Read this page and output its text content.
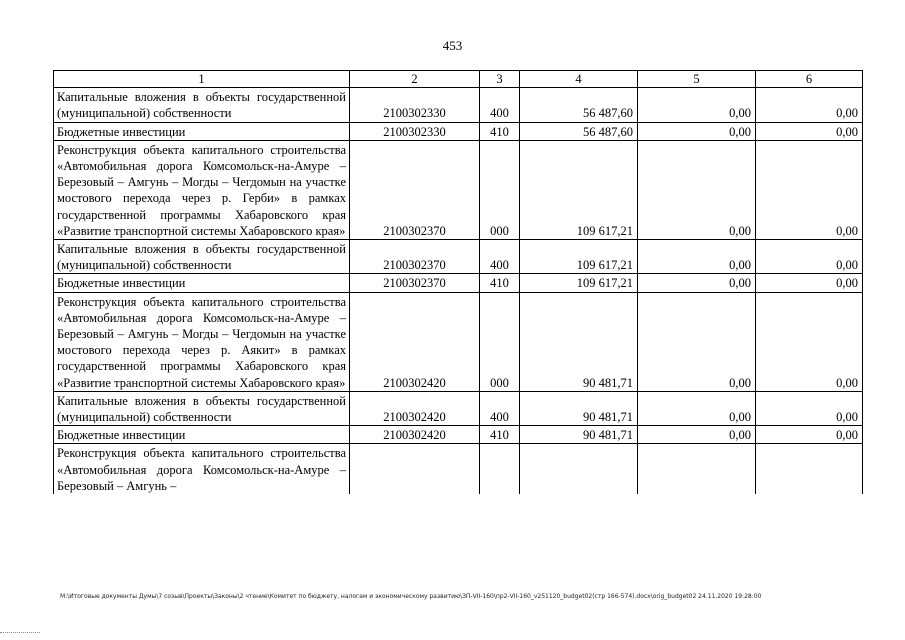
453
1	2	3	4	5	6
Капитальные вложения в объекты государственной (муниципальной) собственности	2100302330	400	56 487,60	0,00	0,00
Бюджетные инвестиции	2100302330	410	56 487,60	0,00	0,00
Реконструкция объекта капитального строительства «Автомобильная дорога Комсомольск-на-Амуре – Березовый – Амгунь – Могды – Чегдомын на участке мостового перехода через р. Герби» в рамках государственной программы Хабаровского края «Развитие транспортной системы Хабаровского края»	2100302370	000	109 617,21	0,00	0,00
Капитальные вложения в объекты государственной (муниципальной) собственности	2100302370	400	109 617,21	0,00	0,00
Бюджетные инвестиции	2100302370	410	109 617,21	0,00	0,00
Реконструкция объекта капитального строительства «Автомобильная дорога Комсомольск-на-Амуре – Березовый – Амгунь – Могды – Чегдомын на участке мостового перехода через р. Аякит» в рамках государственной программы Хабаровского края «Развитие транспортной системы Хабаровского края»	2100302420	000	90 481,71	0,00	0,00
Капитальные вложения в объекты государственной (муниципальной) собственности	2100302420	400	90 481,71	0,00	0,00
Бюджетные инвестиции	2100302420	410	90 481,71	0,00	0,00
Реконструкция объекта капитального строительства «Автомобильная дорога Комсомольск-на-Амуре – Березовый – Амгунь –					
M:\Итоговые документы Думы\7 созыв\Проекты\Законы\2 чтение\Комитет по бюджету, налогам и экономическому развитию\ЗП-VII-160\пр2-VII-160_v251120_budget02(стр 166-574).docx\orig_budget02 24.11.2020 19:28:00
